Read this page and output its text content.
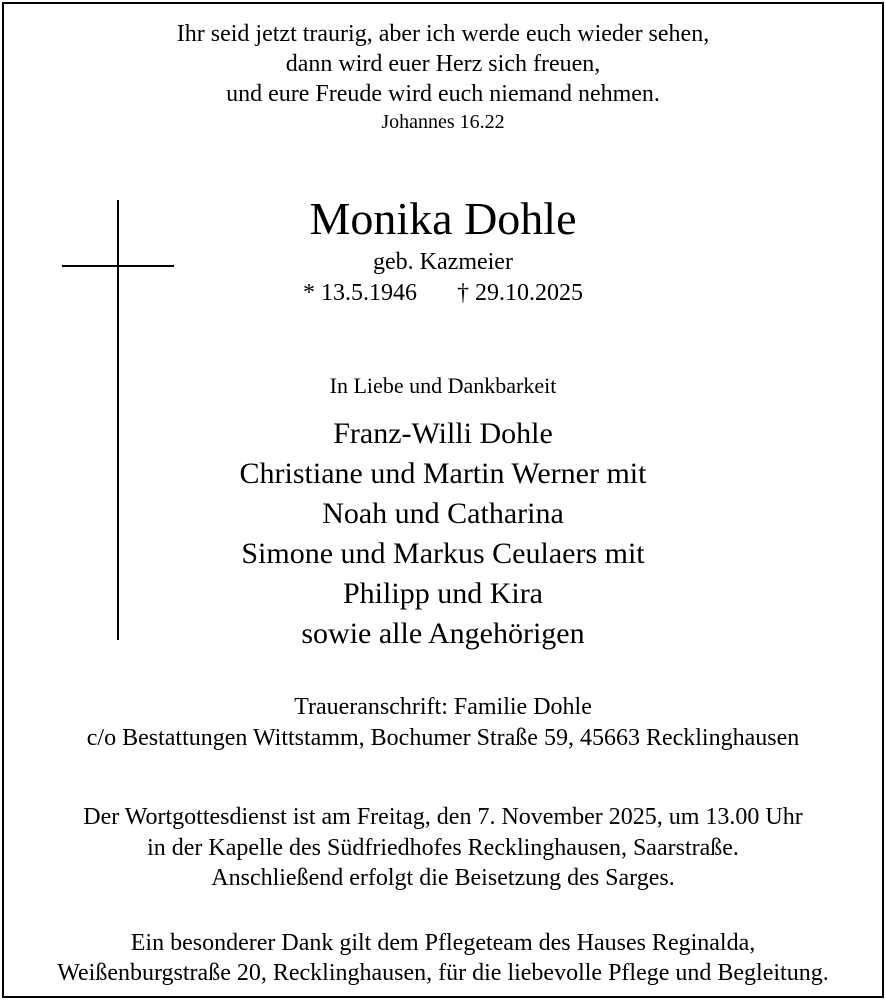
Ihr seid jetzt traurig, aber ich werde euch wieder sehen,
dann wird euer Herz sich freuen,
und eure Freude wird euch niemand nehmen.
Johannes 16.22
Monika Dohle
geb. Kazmeier
* 13.5.1946 † 29.10.2025
In Liebe und Dankbarkeit
Franz-Willi Dohle
Christiane und Martin Werner mit
Noah und Catharina
Simone und Markus Ceulaers mit
Philipp und Kira
sowie alle Angehörigen
Traueranschrift: Familie Dohle
c/o Bestattungen Wittstamm, Bochumer Straße 59, 45663 Recklinghausen
Der Wortgottesdienst ist am Freitag, den 7. November 2025, um 13.00 Uhr
in der Kapelle des Südfriedhofes Recklinghausen, Saarstraße.
Anschließend erfolgt die Beisetzung des Sarges.
Ein besonderer Dank gilt dem Pflegeteam des Hauses Reginalda,
Weißenburgstraße 20, Recklinghausen, für die liebevolle Pflege und Begleitung.
